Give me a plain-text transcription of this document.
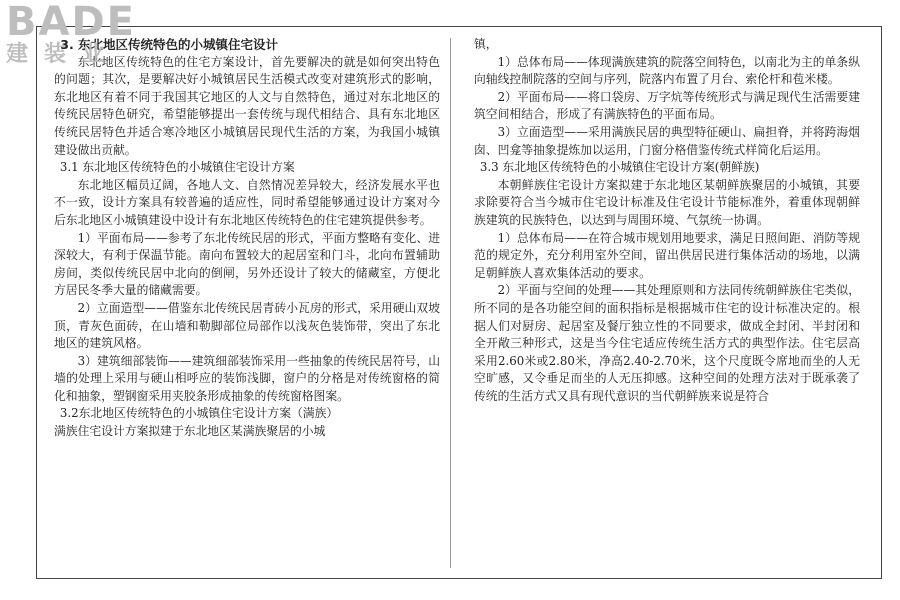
BADE
建装业

3. 东北地区传统特色的小城镇住宅设计

东北地区传统特色的住宅方案设计，首先要解决的就是如何突出特色的问题；其次，是要解决好小城镇居民生活模式改变对建筑形式的影响，东北地区有着不同于我国其它地区的人文与自然特色，通过对东北地区的传统民居特色研究，希望能够提出一套传统与现代相结合、具有东北地区传统民居特色并适合寒冷地区小城镇居民现代生活的方案，为我国小城镇建设做出贡献。

3.1 东北地区传统特色的小城镇住宅设计方案

东北地区幅员辽阔，各地人文、自然情况差异较大，经济发展水平也不一致，设计方案具有较普遍的适应性，同时希望能够通过设计方案对今后东北地区小城镇建设中设计有东北地区传统特色的住宅建筑提供参考。

1）平面布局——参考了东北传统民居的形式，平面方整略有变化、进深较大，有利于保温节能。南向布置较大的起居室和门斗，北向布置辅助房间，类似传统民居中北向的倒闸，另外还设计了较大的储藏室，方便北方居民冬季大量的储藏需要。

2）立面造型——借鉴东北传统民居青砖小瓦房的形式，采用硬山双坡顶，青灰色面砖，在山墙和勒脚部位局部作以浅灰色装饰带，突出了东北地区的建筑风格。

3）建筑细部装饰——建筑细部装饰采用一些抽象的传统民居符号，山墙的处理上采用与硬山相呼应的装饰浅脚，窗户的分格是对传统窗格的简化和抽象，塑钢窗采用夹胶条形成抽象的传统窗格图案。

3.2东北地区传统特色的小城镇住宅设计方案（满族）

满族住宅设计方案拟建于东北地区某满族聚居的小城

镇，

1）总体布局——体现满族建筑的院落空间特色，以南北为主的单条纵向轴线控制院落的空间与序列，院落内布置了月台、索伦杆和苞米楼。

2）平面布局——将口袋房、万字炕等传统形式与满足现代生活需要建筑空间相结合，形成了有满族特色的平面布局。

3）立面造型——采用满族民居的典型特征硬山、扁担脊，并将跨海烟囱、凹龛等抽象提炼加以运用，门窗分格借鉴传统式样简化后运用。

3.3 东北地区传统特色的小城镇住宅设计方案(朝鲜族)

本朝鲜族住宅设计方案拟建于东北地区某朝鲜族聚居的小城镇，其要求除要符合当今城市住宅设计标准及住宅设计节能标准外，着重体现朝鲜族建筑的民族特色，以达到与周围环境、气氛统一协调。

1）总体布局——在符合城市规划用地要求，满足日照间距、消防等规范的规定外，充分利用室外空间，留出供居民进行集体活动的场地，以满足朝鲜族人喜欢集体活动的要求。

2）平面与空间的处理——其处理原则和方法同传统朝鲜族住宅类似，所不同的是各功能空间的面积指标是根据城市住宅的设计标准决定的。根据人们对厨房、起居室及餐厅独立性的不同要求，做成全封闭、半封闭和全开敞三种形式，这是当今住宅适应传统生活方式的典型作法。住宅层高采用2.60米或2.80米，净高2.40-2.70米，这个尺度既令席地而坐的人无空旷感，又令垂足而坐的人无压抑感。这种空间的处理方法对于既承袭了传统的生活方式又具有现代意识的当代朝鲜族来说是符合
